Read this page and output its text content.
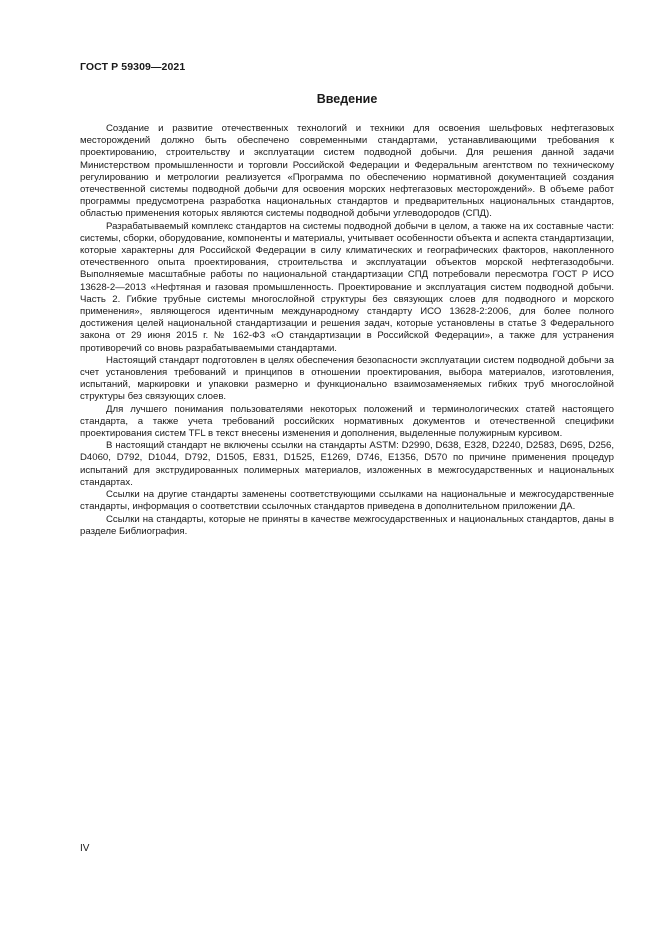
ГОСТ Р 59309—2021
Введение

Создание и развитие отечественных технологий и техники для освоения шельфовых нефтегазовых месторождений должно быть обеспечено современными стандартами, устанавливающими требования к проектированию, строительству и эксплуатации систем подводной добычи. Для решения данной задачи Министерством промышленности и торговли Российской Федерации и Федеральным агентством по техническому регулированию и метрологии реализуется «Программа по обеспечению нормативной документацией создания отечественной системы подводной добычи для освоения морских нефтегазовых месторождений». В объеме работ программы предусмотрена разработка национальных стандартов и предварительных национальных стандартов, областью применения которых являются системы подводной добычи углеводородов (СПД).

Разрабатываемый комплекс стандартов на системы подводной добычи в целом, а также на их составные части: системы, сборки, оборудование, компоненты и материалы, учитывает особенности объекта и аспекта стандартизации, которые характерны для Российской Федерации в силу климатических и географических факторов, накопленного отечественного опыта проектирования, строительства и эксплуатации объектов морской нефтегазодобычи. Выполняемые масштабные работы по национальной стандартизации СПД потребовали пересмотра ГОСТ Р ИСО 13628-2—2013 «Нефтяная и газовая промышленность. Проектирование и эксплуатация систем подводной добычи. Часть 2. Гибкие трубные системы многослойной структуры без связующих слоев для подводного и морского применения», являющегося идентичным международному стандарту ИСО 13628-2:2006, для более полного достижения целей национальной стандартизации и решения задач, которые установлены в статье 3 Федерального закона от 29 июня 2015 г. № 162-ФЗ «О стандартизации в Российской Федерации», а также для устранения противоречий со вновь разрабатываемыми стандартами.

Настоящий стандарт подготовлен в целях обеспечения безопасности эксплуатации систем подводной добычи за счет установления требований и принципов в отношении проектирования, выбора материалов, изготовления, испытаний, маркировки и упаковки размерно и функционально взаимозаменяемых гибких труб многослойной структуры без связующих слоев.

Для лучшего понимания пользователями некоторых положений и терминологических статей настоящего стандарта, а также учета требований российских нормативных документов и отечественной специфики проектирования систем TFL в текст внесены изменения и дополнения, выделенные полужирным курсивом.

В настоящий стандарт не включены ссылки на стандарты ASTM: D2990, D638, E328, D2240, D2583, D695, D256, D4060, D792, D1044, D792, D1505, E831, D1525, E1269, D746, E1356, D570 по причине применения процедур испытаний для экструдированных полимерных материалов, изложенных в межгосударственных и национальных стандартах.

Ссылки на другие стандарты заменены соответствующими ссылками на национальные и межгосударственные стандарты, информация о соответствии ссылочных стандартов приведена в дополнительном приложении ДА.

Ссылки на стандарты, которые не приняты в качестве межгосударственных и национальных стандартов, даны в разделе Библиография.

IV
